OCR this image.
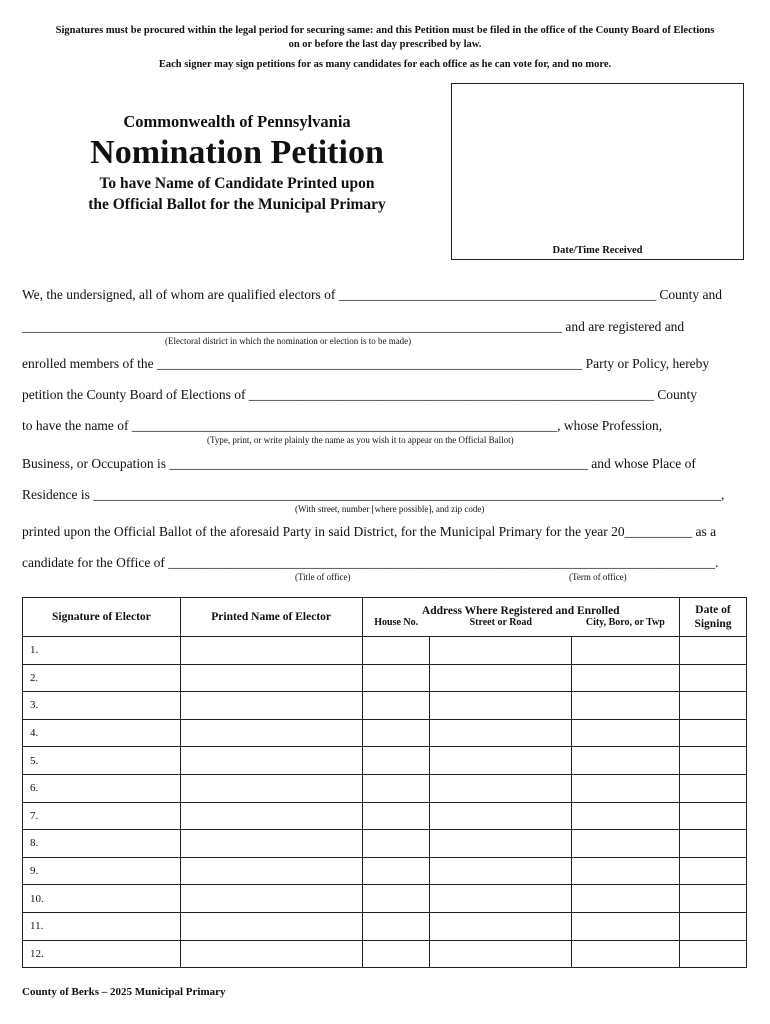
Signatures must be procured within the legal period for securing same: and this Petition must be filed in the office of the County Board of Elections
on or before the last day prescribed by law.
Each signer may sign petitions for as many candidates for each office as he can vote for, and no more.
Commonwealth of Pennsylvania
Nomination Petition
To have Name of Candidate Printed upon
the Official Ballot for the Municipal Primary
Date/Time Received
We, the undersigned, all of whom are qualified electors of _______________________________________________ County and
________________________________________________________________________________ and are registered and
(Electoral district in which the nomination or election is to be made)
enrolled members of the _______________________________________________________________ Party or Policy, hereby
petition the County Board of Elections of ____________________________________________________________ County
to have the name of _______________________________________________________________, whose Profession,
(Type, print, or write plainly the name as you wish it to appear on the Official Ballot)
Business, or Occupation is ______________________________________________________________ and whose Place of
Residence is _____________________________________________________________________________________________,
(With street, number [where possible], and zip code)
printed upon the Official Ballot of the aforesaid Party in said District, for the Municipal Primary for the year 20__________ as a
candidate for the Office of _________________________________________________________________________________.
(Title of office)	(Term of office)
Signature of Elector	Printed Name of Elector	Address Where Registered and Enrolled			Date of
Signing
		House No.	Street or Road	City, Boro, or Twp	
1.					
2.					
3.					
4.					
5.					
6.					
7.					
8.					
9.					
10.					
11.					
12.					
County of Berks – 2025 Municipal Primary
